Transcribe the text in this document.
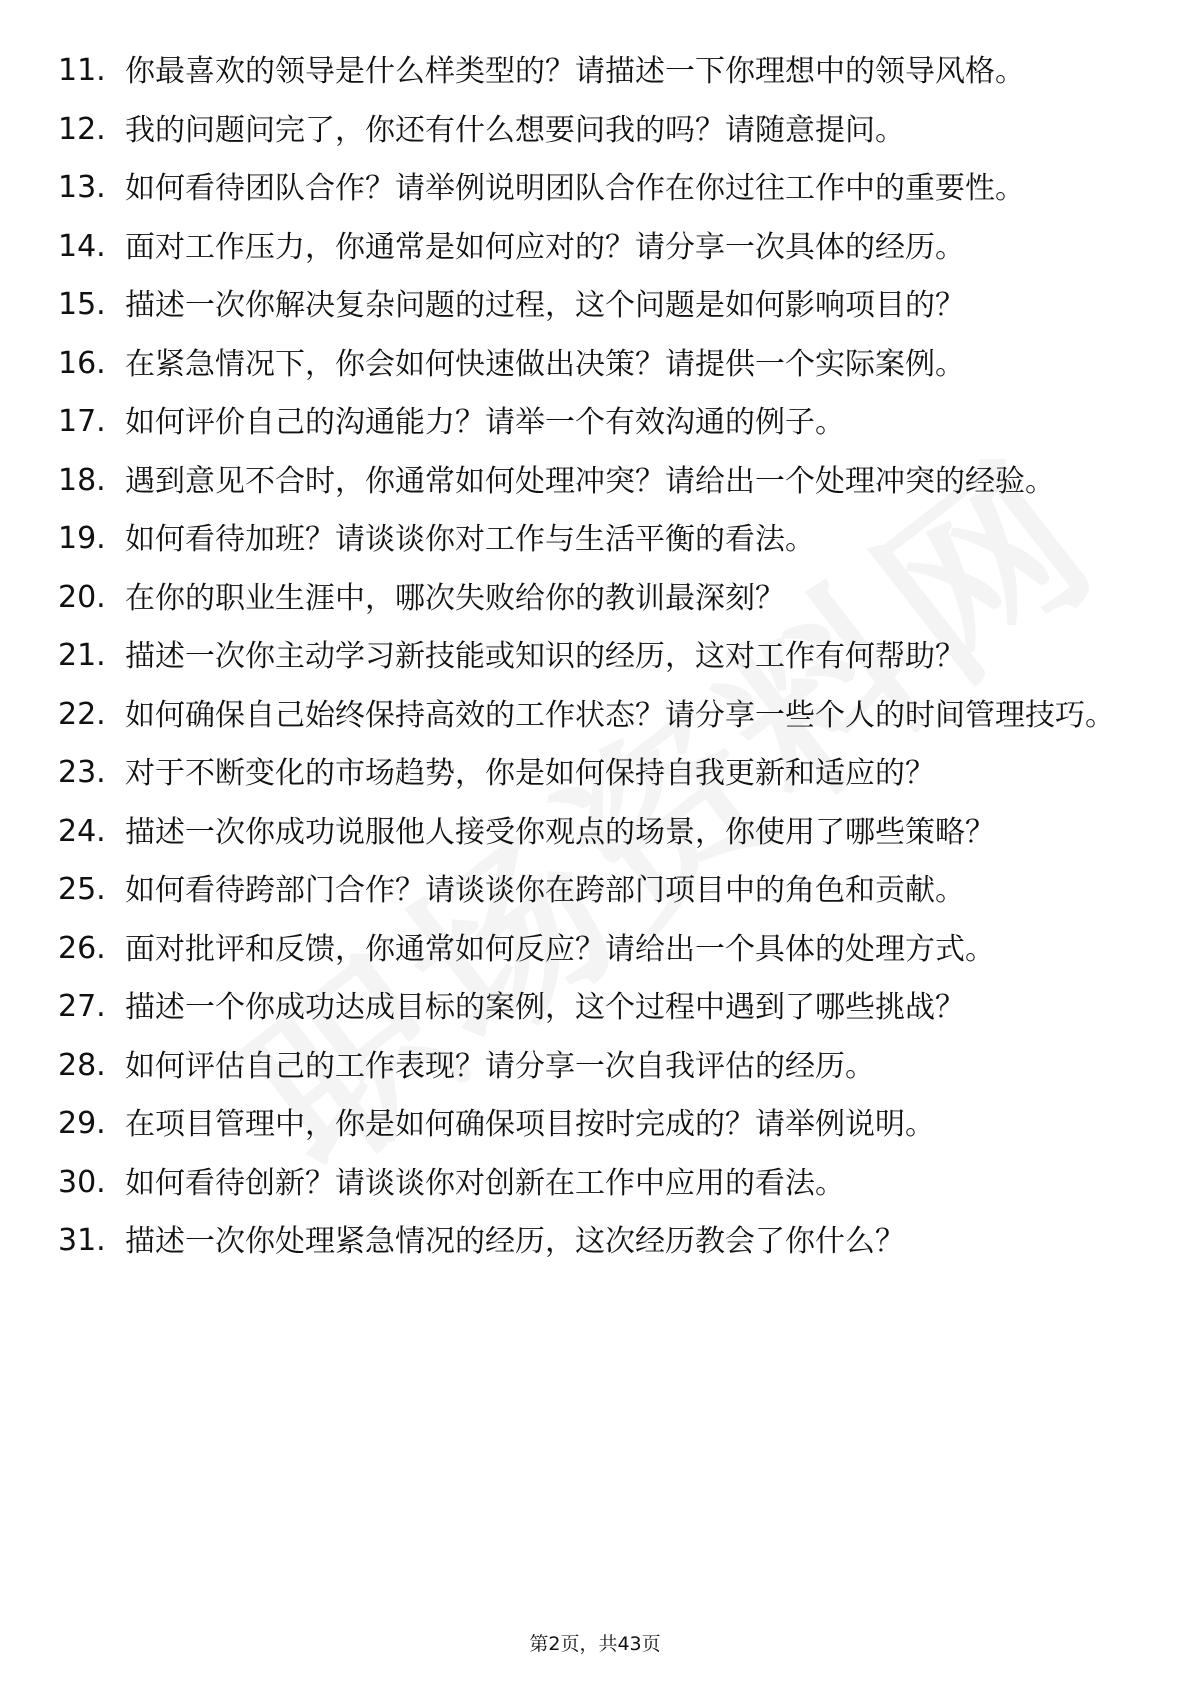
11. 你最喜欢的领导是什么样类型的？请描述一下你理想中的领导风格。
12. 我的问题问完了，你还有什么想要问我的吗？请随意提问。
13. 如何看待团队合作？请举例说明团队合作在你过往工作中的重要性。
14. 面对工作压力，你通常是如何应对的？请分享一次具体的经历。
15. 描述一次你解决复杂问题的过程，这个问题是如何影响项目的？
16. 在紧急情况下，你会如何快速做出决策？请提供一个实际案例。
17. 如何评价自己的沟通能力？请举一个有效沟通的例子。
18. 遇到意见不合时，你通常如何处理冲突？请给出一个处理冲突的经验。
19. 如何看待加班？请谈谈你对工作与生活平衡的看法。
20. 在你的职业生涯中，哪次失败给你的教训最深刻？
21. 描述一次你主动学习新技能或知识的经历，这对工作有何帮助？
22. 如何确保自己始终保持高效的工作状态？请分享一些个人的时间管理技巧。
23. 对于不断变化的市场趋势，你是如何保持自我更新和适应的？
24. 描述一次你成功说服他人接受你观点的场景，你使用了哪些策略？
25. 如何看待跨部门合作？请谈谈你在跨部门项目中的角色和贡献。
26. 面对批评和反馈，你通常如何反应？请给出一个具体的处理方式。
27. 描述一个你成功达成目标的案例，这个过程中遇到了哪些挑战？
28. 如何评估自己的工作表现？请分享一次自我评估的经历。
29. 在项目管理中，你是如何确保项目按时完成的？请举例说明。
30. 如何看待创新？请谈谈你对创新在工作中应用的看法。
31. 描述一次你处理紧急情况的经历，这次经历教会了你什么？
第2页，共43页
